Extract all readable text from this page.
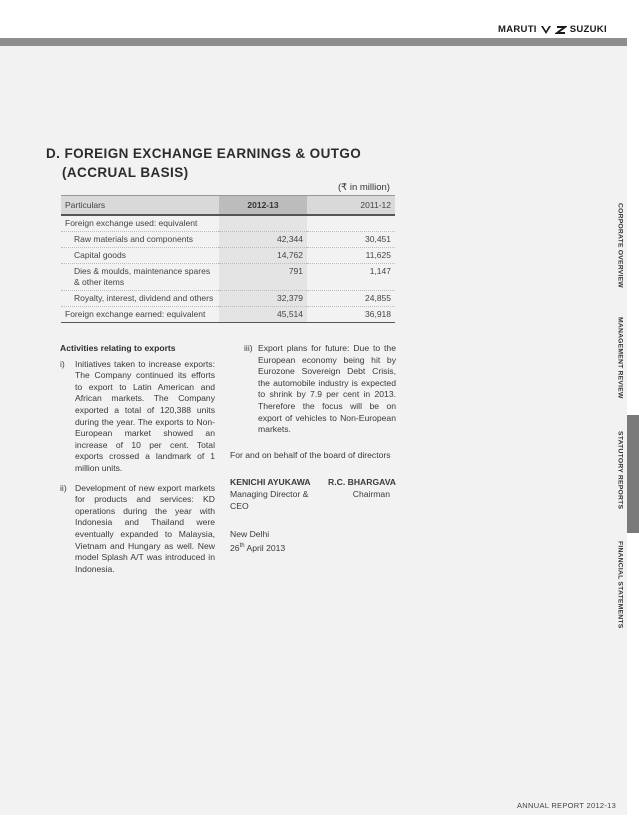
MARUTI	SUZUKI
D. FOREIGN EXCHANGE EARNINGS & OUTGO
(ACCRUAL BASIS)
(₹ in million)
Particulars	2012-13	2011-12
Foreign exchange used: equivalent		
Raw materials and components	42,344	30,451
Capital goods	14,762	11,625
Dies & moulds, maintenance spares & other items	791	1,147
Royalty, interest, dividend and others	32,379	24,855
Foreign exchange earned: equivalent	45,514	36,918
Activities relating to exports
i)	Initiatives taken to increase exports: The Company continued its efforts to export to Latin American and African markets. The Company exported a total of 120,388 units during the year. The exports to Non-European market showed an increase of 10 per cent. Total exports crossed a landmark of 1 million units.
ii) Development of new export markets for products and services: KD operations during the year with Indonesia and Thailand were eventually expanded to Malaysia, Vietnam and Hungary as well. New model Splash A/T was introduced in Indonesia.
iii) Export plans for future: Due to the European economy being hit by Eurozone Sovereign Debt Crisis, the automobile industry is expected to shrink by 7.9 per cent in 2013. Therefore the focus will be on export of vehicles to Non-European markets.
For and on behalf of the board of directors
KENICHI AYUKAWA R.C. BHARGAVA
Managing Director & CEO
Chairman
New Delhi
26th April 2013
CORPORATE OVERVIEW
MANAGEMENT REVIEW
STATUTORY REPORTS
FINANCIAL STATEMENTS
ANNUAL REPORT 2012-13
